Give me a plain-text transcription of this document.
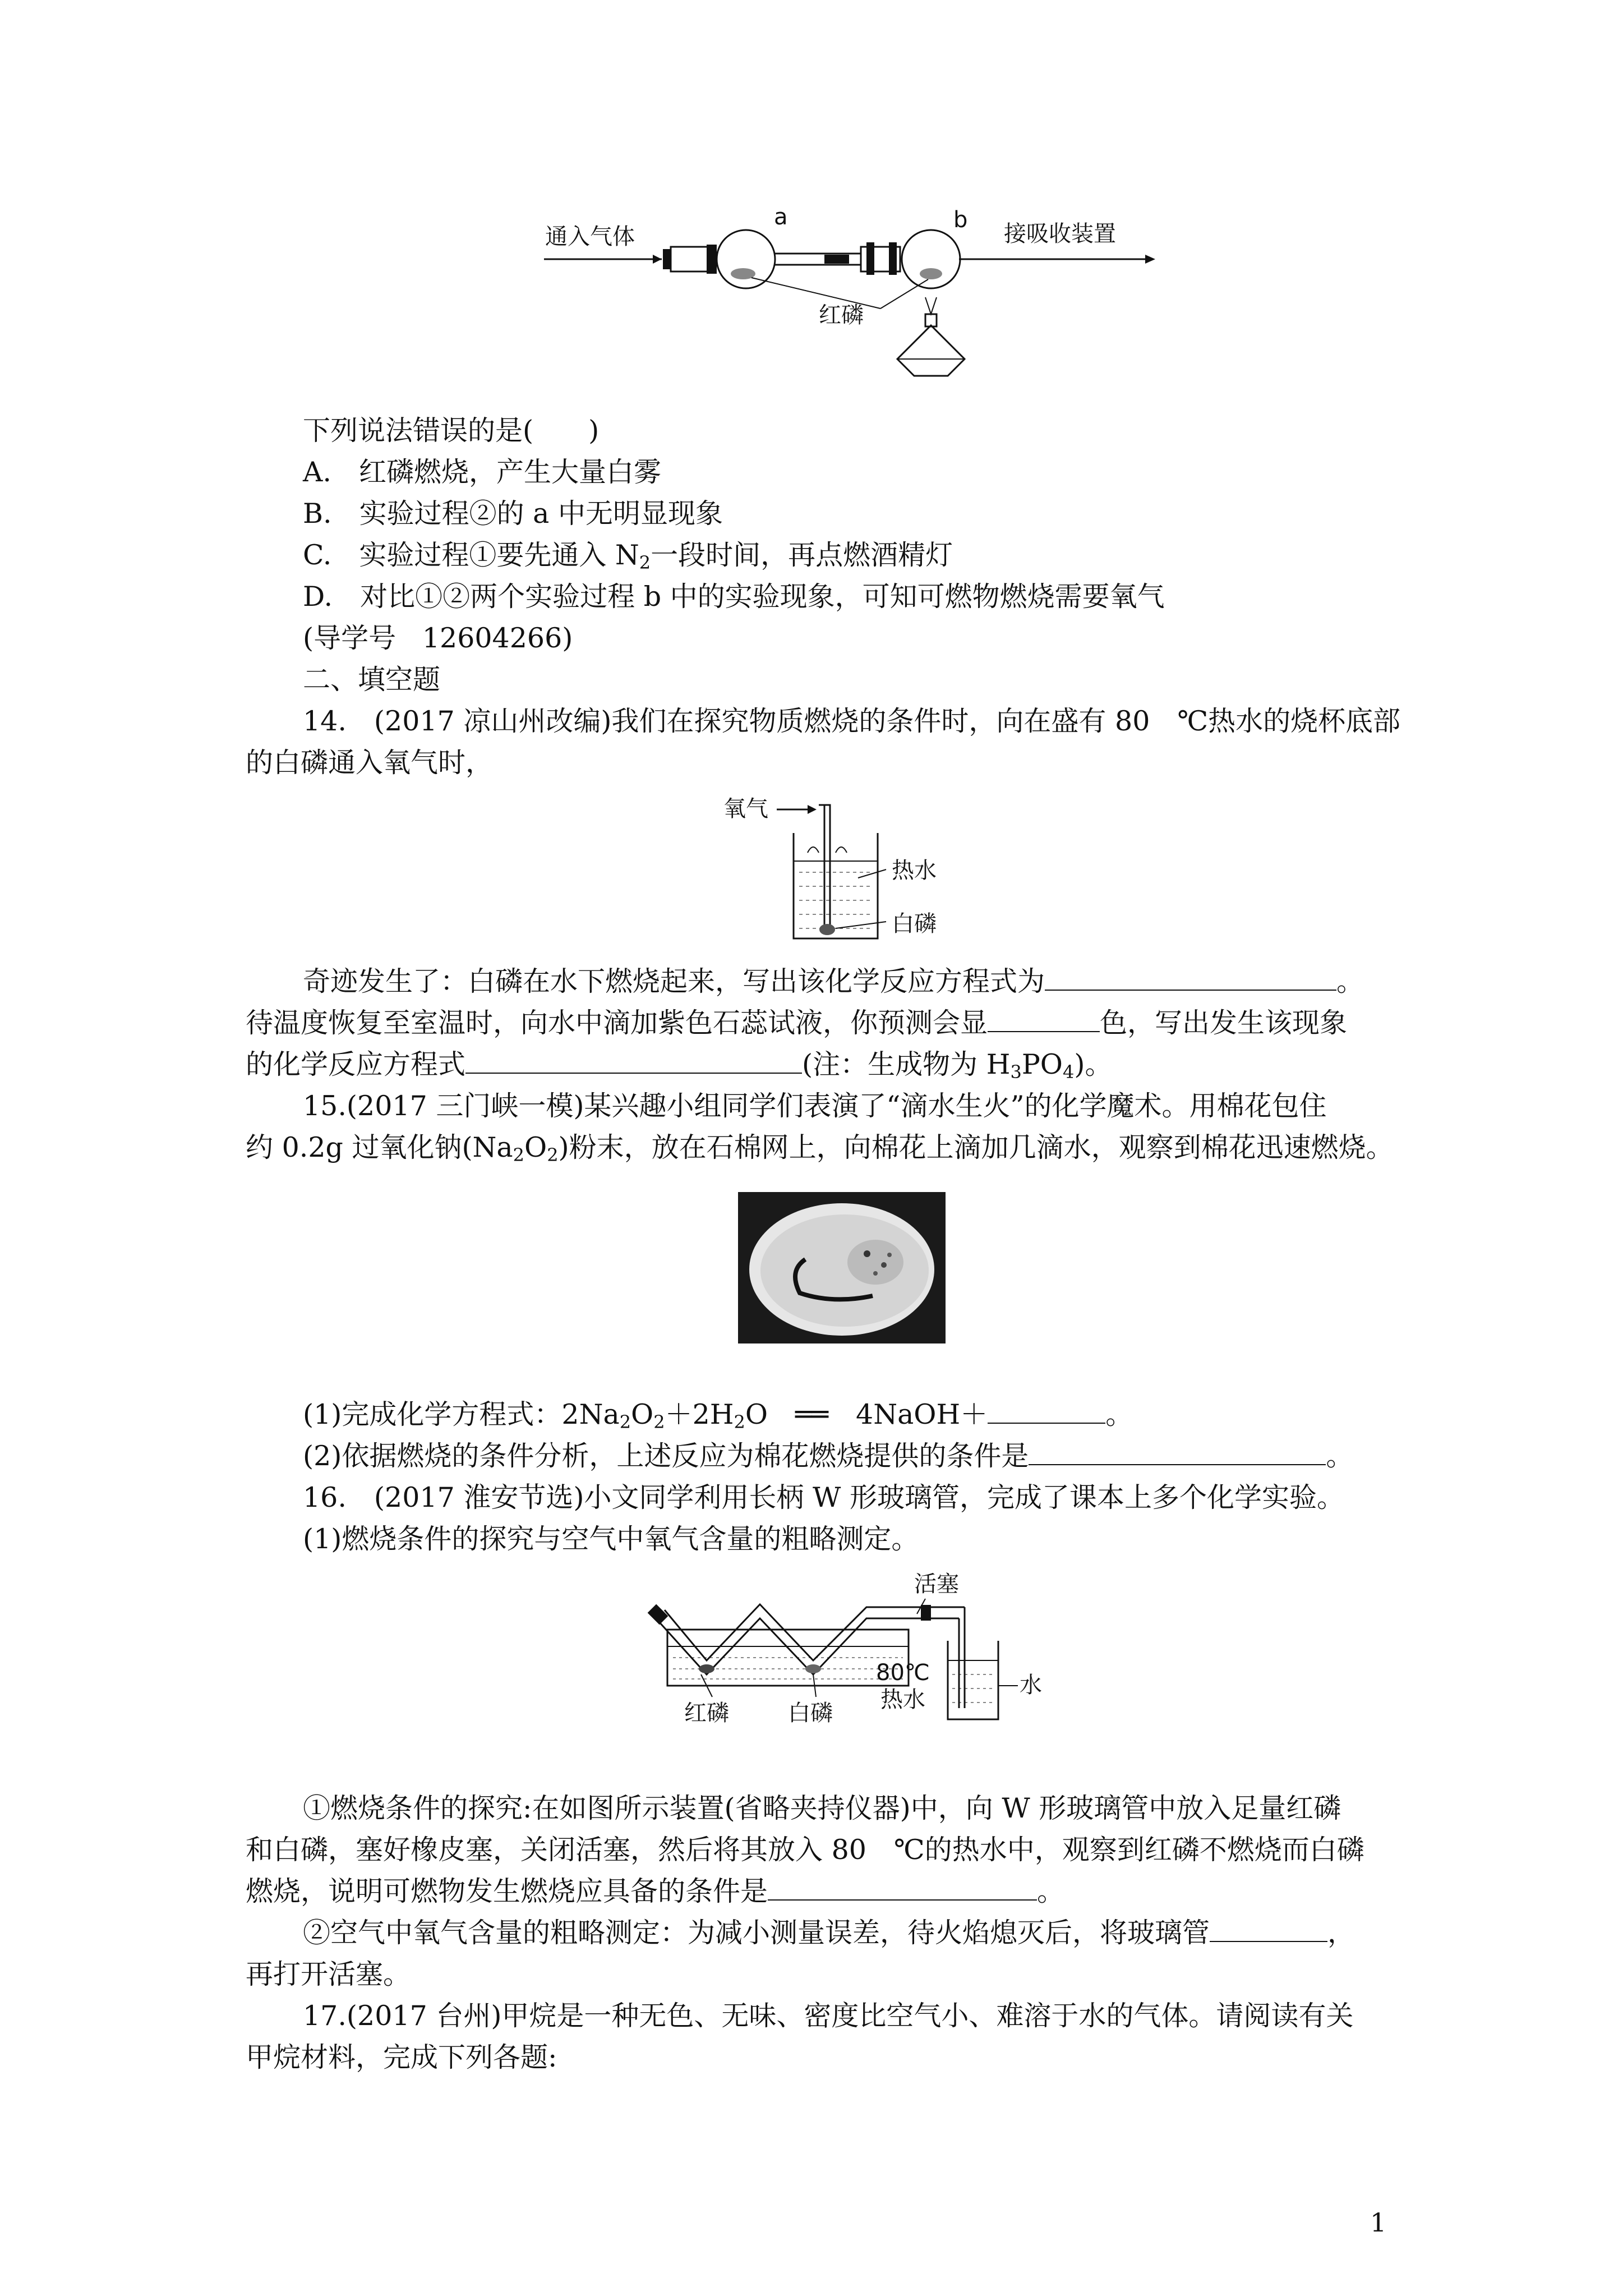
通入气体
a	b
接吸收装置
红磷
下列说法错误的是(　　)
A.　红磷燃烧，产生大量白雾
B.　实验过程②的 a 中无明显现象
C.　实验过程①要先通入 $N_2$一段时间，再点燃酒精灯
D.　对比①②两个实验过程 b 中的实验现象，可知可燃物燃烧需要氧气
(导学号 12604266)
二、填空题
14.　(2017 凉山州改编)我们在探究物质燃烧的条件时，向在盛有 80　℃热水的烧杯底部
的白磷通入氧气时，
氧气
热水
白磷
奇迹发生了：白磷在水下燃烧起来，写出该化学反应方程式为	。
待温度恢复至室温时，向水中滴加紫色石蕊试液，你预测会显	色，写出发生该现象
的化学反应方程式	(注：生成物为 $H_3PO_4$)。
15.(2017 三门峡一模)某兴趣小组同学们表演了“滴水生火”的化学魔术。用棉花包住
约 0.2g 过氧化钠$(Na_2O_2)$粉末，放在石棉网上，向棉花上滴加几滴水，观察到棉花迅速燃烧。
(1)完成化学方程式：$2Na_2O_2+2H_2O$　══　4NaOH＋	。
(2)依据燃烧的条件分析，上述反应为棉花燃烧提供的条件是	。
16.　(2017 淮安节选)小文同学利用长柄 W 形玻璃管，完成了课本上多个化学实验。
(1)燃烧条件的探究与空气中氧气含量的粗略测定。
活塞
水
80℃
热水
红磷	白磷
①燃烧条件的探究:在如图所示装置(省略夹持仪器)中，向 W 形玻璃管中放入足量红磷
和白磷，塞好橡皮塞，关闭活塞，然后将其放入 80　℃的热水中，观察到红磷不燃烧而白磷
燃烧，说明可燃物发生燃烧应具备的条件是	。
②空气中氧气含量的粗略测定：为减小测量误差，待火焰熄灭后，将玻璃管	，
再打开活塞。
17.(2017 台州)甲烷是一种无色、无味、密度比空气小、难溶于水的气体。请阅读有关
甲烷材料，完成下列各题:
1
